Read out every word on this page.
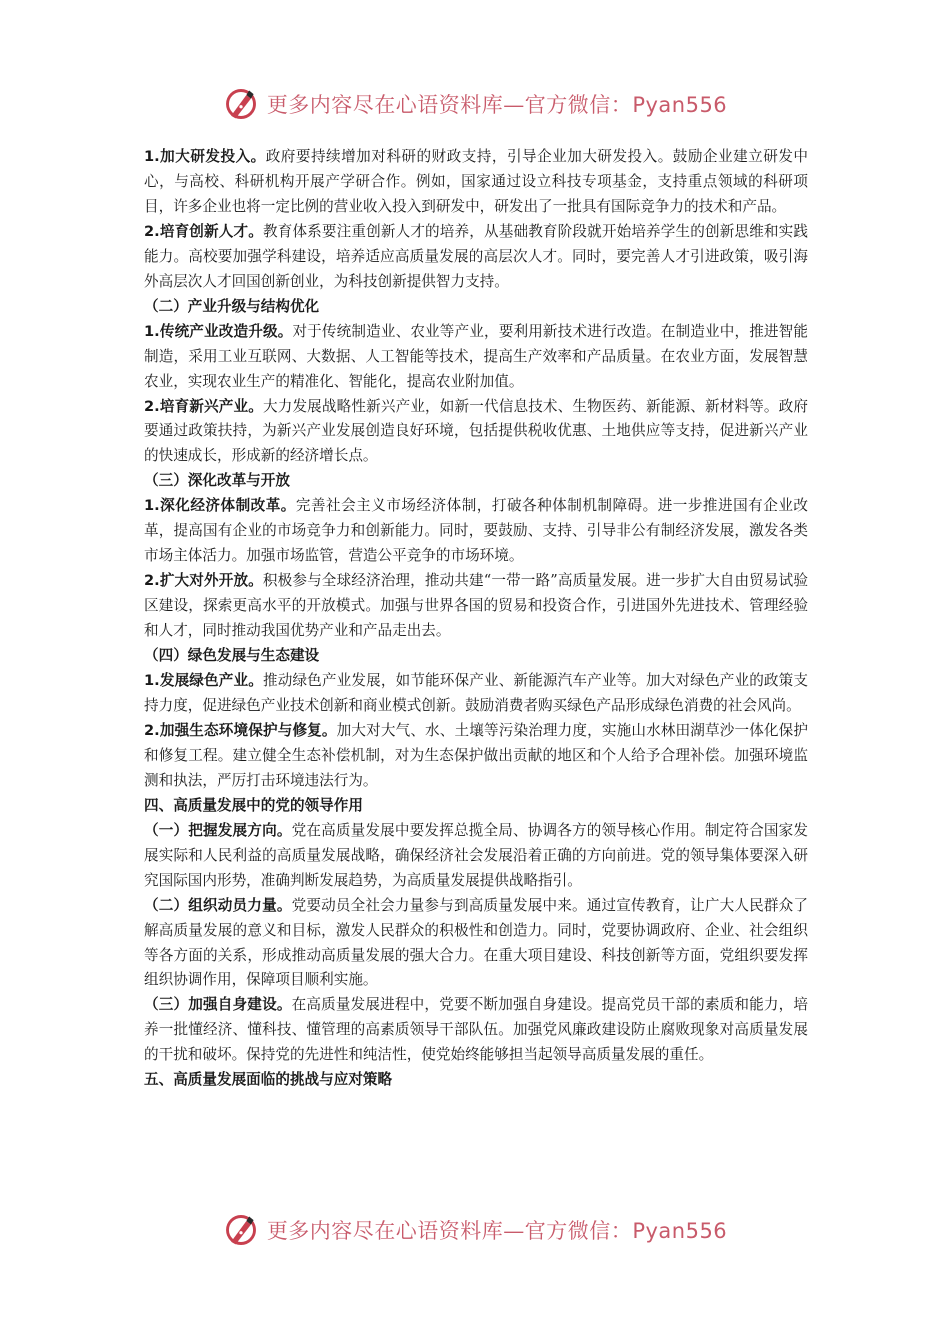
更多内容尽在心语资料库—官方微信：Pyan556

1.加大研发投入。政府要持续增加对科研的财政支持，引导企业加大研发投入。鼓励企业建立研发中心，与高校、科研机构开展产学研合作。例如，国家通过设立科技专项基金，支持重点领域的科研项目，许多企业也将一定比例的营业收入投入到研发中，研发出了一批具有国际竞争力的技术和产品。

2.培育创新人才。教育体系要注重创新人才的培养，从基础教育阶段就开始培养学生的创新思维和实践能力。高校要加强学科建设，培养适应高质量发展的高层次人才。同时，要完善人才引进政策，吸引海外高层次人才回国创新创业，为科技创新提供智力支持。

（二）产业升级与结构优化

1.传统产业改造升级。对于传统制造业、农业等产业，要利用新技术进行改造。在制造业中，推进智能制造，采用工业互联网、大数据、人工智能等技术，提高生产效率和产品质量。在农业方面，发展智慧农业，实现农业生产的精准化、智能化，提高农业附加值。

2.培育新兴产业。大力发展战略性新兴产业，如新一代信息技术、生物医药、新能源、新材料等。政府要通过政策扶持，为新兴产业发展创造良好环境，包括提供税收优惠、土地供应等支持，促进新兴产业的快速成长，形成新的经济增长点。

（三）深化改革与开放

1.深化经济体制改革。完善社会主义市场经济体制，打破各种体制机制障碍。进一步推进国有企业改革，提高国有企业的市场竞争力和创新能力。同时，要鼓励、支持、引导非公有制经济发展，激发各类市场主体活力。加强市场监管，营造公平竞争的市场环境。

2.扩大对外开放。积极参与全球经济治理，推动共建“一带一路”高质量发展。进一步扩大自由贸易试验区建设，探索更高水平的开放模式。加强与世界各国的贸易和投资合作，引进国外先进技术、管理经验和人才，同时推动我国优势产业和产品走出去。

（四）绿色发展与生态建设

1.发展绿色产业。推动绿色产业发展，如节能环保产业、新能源汽车产业等。加大对绿色产业的政策支持力度，促进绿色产业技术创新和商业模式创新。鼓励消费者购买绿色产品形成绿色消费的社会风尚。

2.加强生态环境保护与修复。加大对大气、水、土壤等污染治理力度，实施山水林田湖草沙一体化保护和修复工程。建立健全生态补偿机制，对为生态保护做出贡献的地区和个人给予合理补偿。加强环境监测和执法，严厉打击环境违法行为。

四、高质量发展中的党的领导作用

（一）把握发展方向。党在高质量发展中要发挥总揽全局、协调各方的领导核心作用。制定符合国家发展实际和人民利益的高质量发展战略，确保经济社会发展沿着正确的方向前进。党的领导集体要深入研究国际国内形势，准确判断发展趋势，为高质量发展提供战略指引。

（二）组织动员力量。党要动员全社会力量参与到高质量发展中来。通过宣传教育，让广大人民群众了解高质量发展的意义和目标，激发人民群众的积极性和创造力。同时，党要协调政府、企业、社会组织等各方面的关系，形成推动高质量发展的强大合力。在重大项目建设、科技创新等方面，党组织要发挥组织协调作用，保障项目顺利实施。

（三）加强自身建设。在高质量发展进程中，党要不断加强自身建设。提高党员干部的素质和能力，培养一批懂经济、懂科技、懂管理的高素质领导干部队伍。加强党风廉政建设防止腐败现象对高质量发展的干扰和破坏。保持党的先进性和纯洁性，使党始终能够担当起领导高质量发展的重任。

五、高质量发展面临的挑战与应对策略

更多内容尽在心语资料库—官方微信：Pyan556
